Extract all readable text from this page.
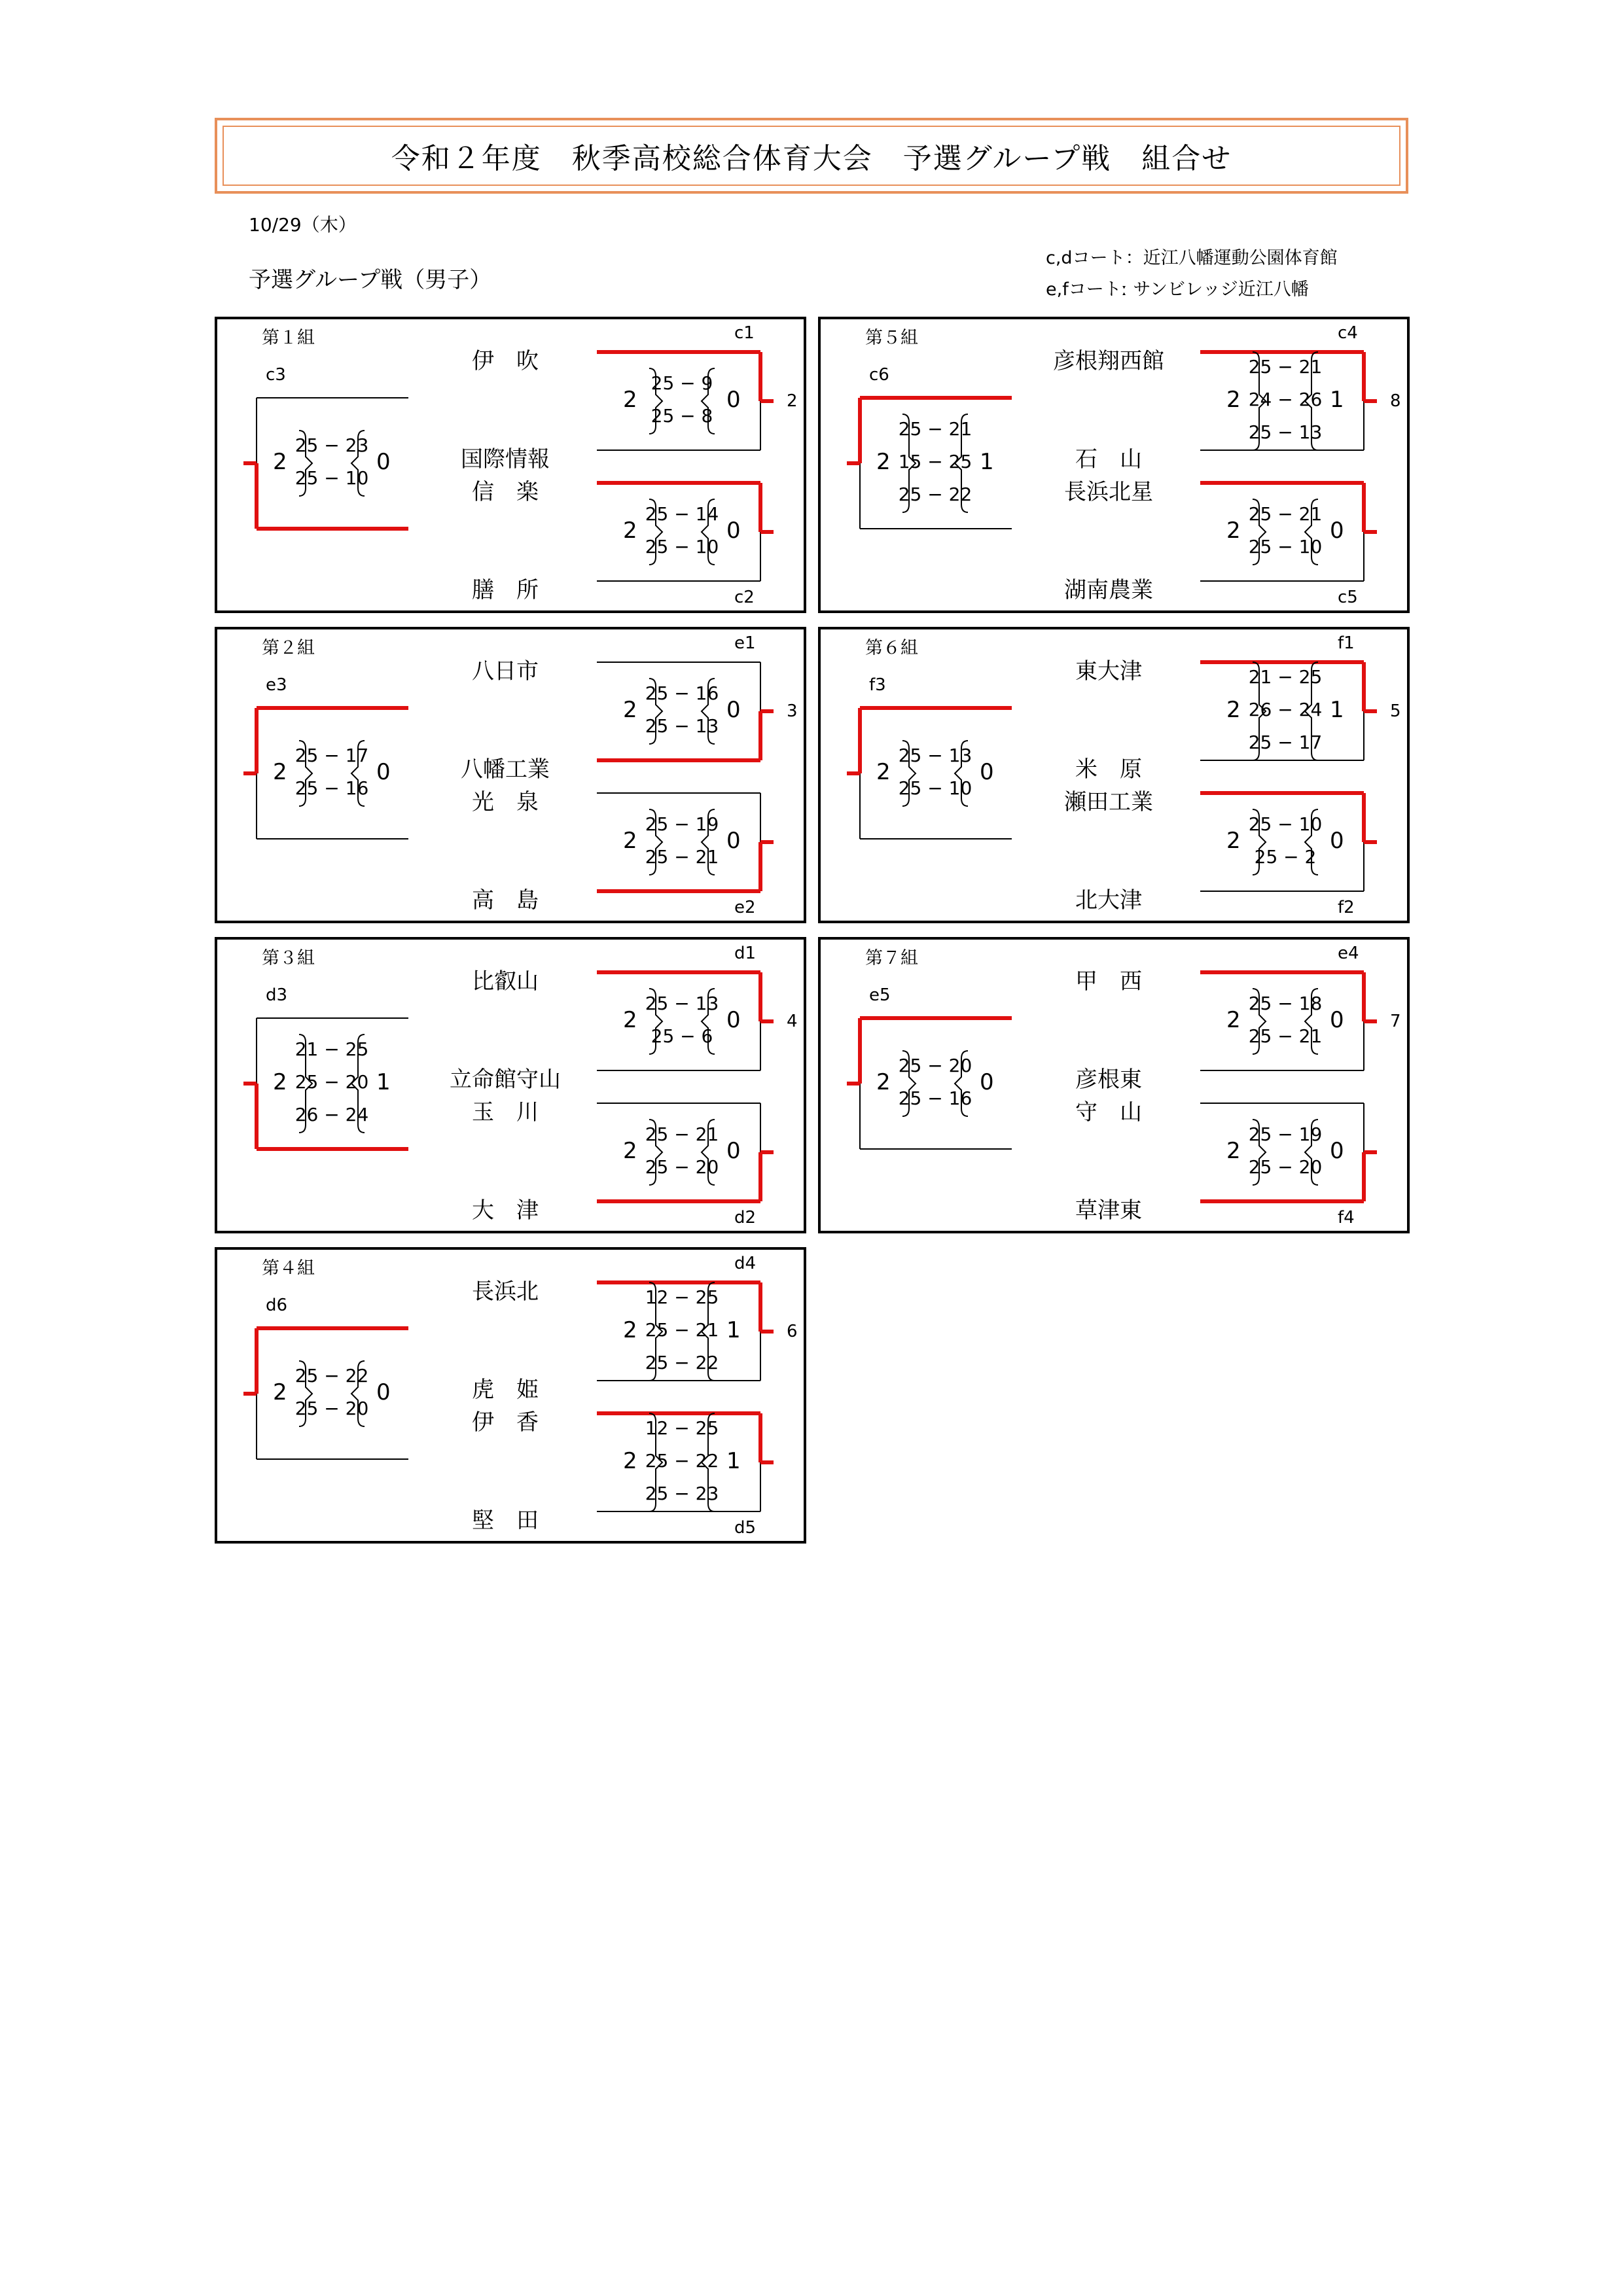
令和２年度　秋季高校総合体育大会　予選グループ戦　組合せ
10/29（木）
予選グループ戦（男子）
c,dコート：近江八幡運動公園体育館
e,fコートː サンビレッジ近江八幡
第１組
伊　吹
国際情報
信　楽
膳　所
c3
25 − 23
25 − 10
2	0
c1
25 − 9
25 − 8
2	0	2
c2
25 − 14
25 − 10
2	0
第５組
彦根翔西館
石　山
長浜北星
湖南農業
c6
25 − 21
15 − 25
25 − 22
2	1
c4
25 − 21
24 − 26
25 − 13
2	1	8
c5
25 − 21
25 − 10
2	0
第２組
八日市
八幡工業
光　泉
高　島
e3
25 − 17
25 − 16
2	0
e1
25 − 16
25 − 13
2	0	3
e2
25 − 19
25 − 21
2	0
第６組
東大津
米　原
瀬田工業
北大津
f3
25 − 13
25 − 10
2	0
f1
21 − 25
26 − 24
25 − 17
2	1	5
f2
25 − 10
25 − 2
2	0
第３組
比叡山
立命館守山
玉　川
大　津
d3
21 − 25
25 − 20
26 − 24
2	1
d1
25 − 13
25 − 6
2	0	4
d2
25 − 21
25 − 20
2	0
第７組
甲　西
彦根東
守　山
草津東
e5
25 − 20
25 − 16
2	0
e4
25 − 18
25 − 21
2	0	7
f4
25 − 19
25 − 20
2	0
第４組
長浜北
虎　姫
伊　香
堅　田
d6
25 − 22
25 − 20
2	0
d4
12 − 25
25 − 21
25 − 22
2	1	6
d5
12 − 25
25 − 22
25 − 23
2	1
